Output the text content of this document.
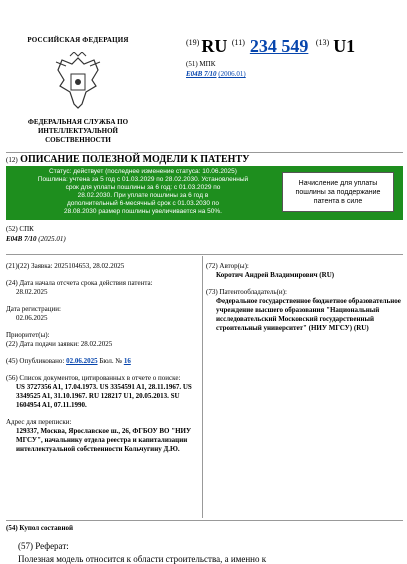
РОССИЙСКАЯ ФЕДЕРАЦИЯ
ФЕДЕРАЛЬНАЯ СЛУЖБА ПО ИНТЕЛЛЕКТУАЛЬНОЙ СОБСТВЕННОСТИ
$^{(19)}$ RU $^{(11)}$ 234 549 $^{(13)}$ U1
(51) МПК
E04B 7/10 (2006.01)
(12) ОПИСАНИЕ ПОЛЕЗНОЙ МОДЕЛИ К ПАТЕНТУ
Статус: действует (последнее изменение статуса: 10.06.2025)
Пошлина: учтена за 5 год с 01.03.2029 по 28.02.2030. Установленный
срок для уплаты пошлины за 6 год: с 01.03.2029 по
28.02.2030. При уплате пошлины за 6 год в
дополнительный 6-месячный срок с 01.03.2030 по
28.08.2030 размер пошлины увеличивается на 50%.
Начисление для уплаты пошлины за поддержание патента в силе
(52) СПК
E04B 7/10 (2025.01)
(21)(22) Заявка: 2025104653, 28.02.2025
(24) Дата начала отсчета срока действия патента:
28.02.2025
Дата регистрации:
02.06.2025
Приоритет(ы):
(22) Дата подачи заявки: 28.02.2025
(45) Опубликовано: 02.06.2025 Бюл. № 16
(56) Список документов, цитированных в отчете о поиске:
US 3727356 A1, 17.04.1973. US 3354591 A1, 28.11.1967. US 3349525 A1, 31.10.1967. RU 128217 U1, 20.05.2013. SU 1604954 A1, 07.11.1990.
Адрес для переписки:
129337, Москва, Ярославское ш., 26, ФГБОУ ВО "НИУ МГСУ", начальнику отдела реестра и капитализации интеллектуальной собственности Кольчугину Д.Ю.
(72) Автор(ы):
Коротич Андрей Владимирович (RU)
(73) Патентообладатель(и):
Федеральное государственное бюджетное образовательное учреждение высшего образования "Национальный исследовательский Московский государственный строительный университет" (НИУ МГСУ) (RU)
(54) Купол составной
(57) Реферат:
Полезная модель относится к области строительства, а именно к
